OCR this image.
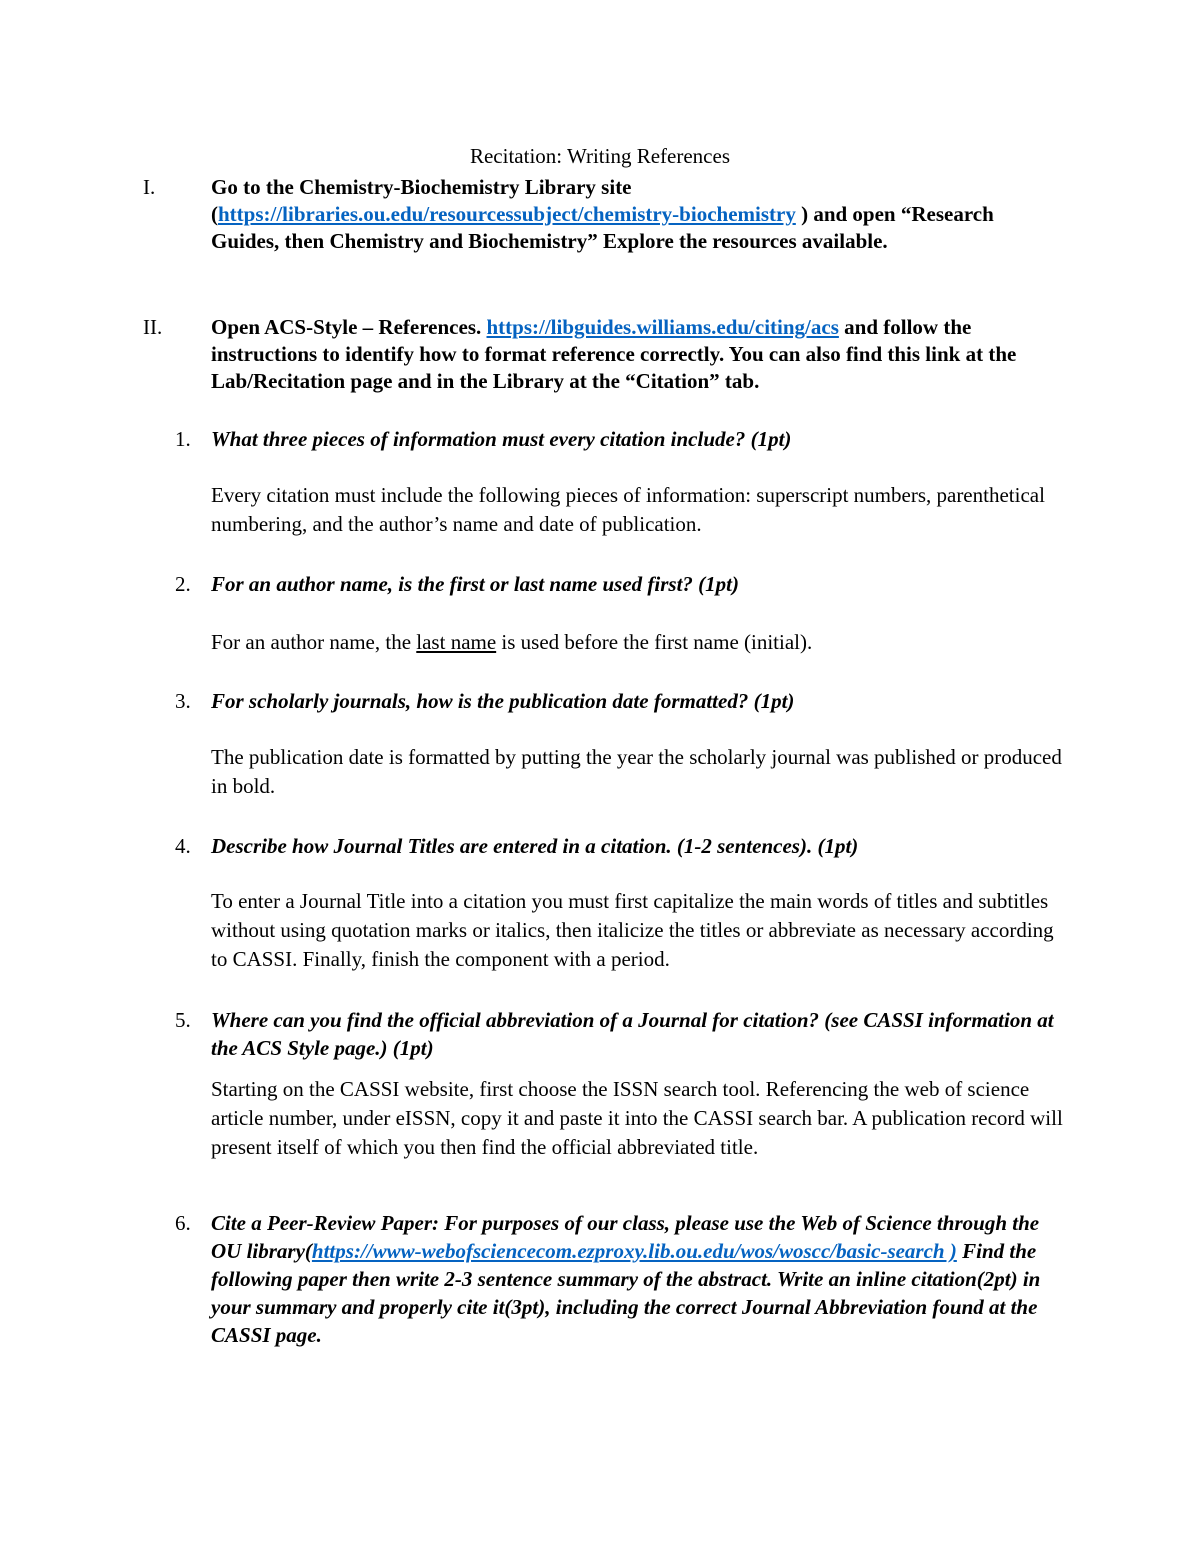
Recitation: Writing References
I.	Go to the Chemistry-Biochemistry Library site (https://libraries.ou.edu/resourcessubject/chemistry-biochemistry ) and open “Research Guides, then Chemistry and Biochemistry” Explore the resources available.
II. Open ACS-Style – References. https://libguides.williams.edu/citing/acs and follow the instructions to identify how to format reference correctly. You can also find this link at the Lab/Recitation page and in the Library at the “Citation” tab.
1. What three pieces of information must every citation include? (1pt)
Every citation must include the following pieces of information: superscript numbers, parenthetical numbering, and the author’s name and date of publication.
2. For an author name, is the first or last name used first? (1pt)
For an author name, the last name is used before the first name (initial).
3. For scholarly journals, how is the publication date formatted? (1pt)
The publication date is formatted by putting the year the scholarly journal was published or produced in bold.
4. Describe how Journal Titles are entered in a citation. (1-2 sentences). (1pt)
To enter a Journal Title into a citation you must first capitalize the main words of titles and subtitles without using quotation marks or italics, then italicize the titles or abbreviate as necessary according to CASSI. Finally, finish the component with a period.
5. Where can you find the official abbreviation of a Journal for citation? (see CASSI information at the ACS Style page.) (1pt)
Starting on the CASSI website, first choose the ISSN search tool. Referencing the web of science article number, under eISSN, copy it and paste it into the CASSI search bar. A publication record will present itself of which you then find the official abbreviated title.
6. Cite a Peer-Review Paper: For purposes of our class, please use the Web of Science through the OU library(https://www-webofsciencecom.ezproxy.lib.ou.edu/wos/woscc/basic-search ) Find the following paper then write 2-3 sentence summary of the abstract. Write an inline citation(2pt) in your summary and properly cite it(3pt), including the correct Journal Abbreviation found at the CASSI page.
